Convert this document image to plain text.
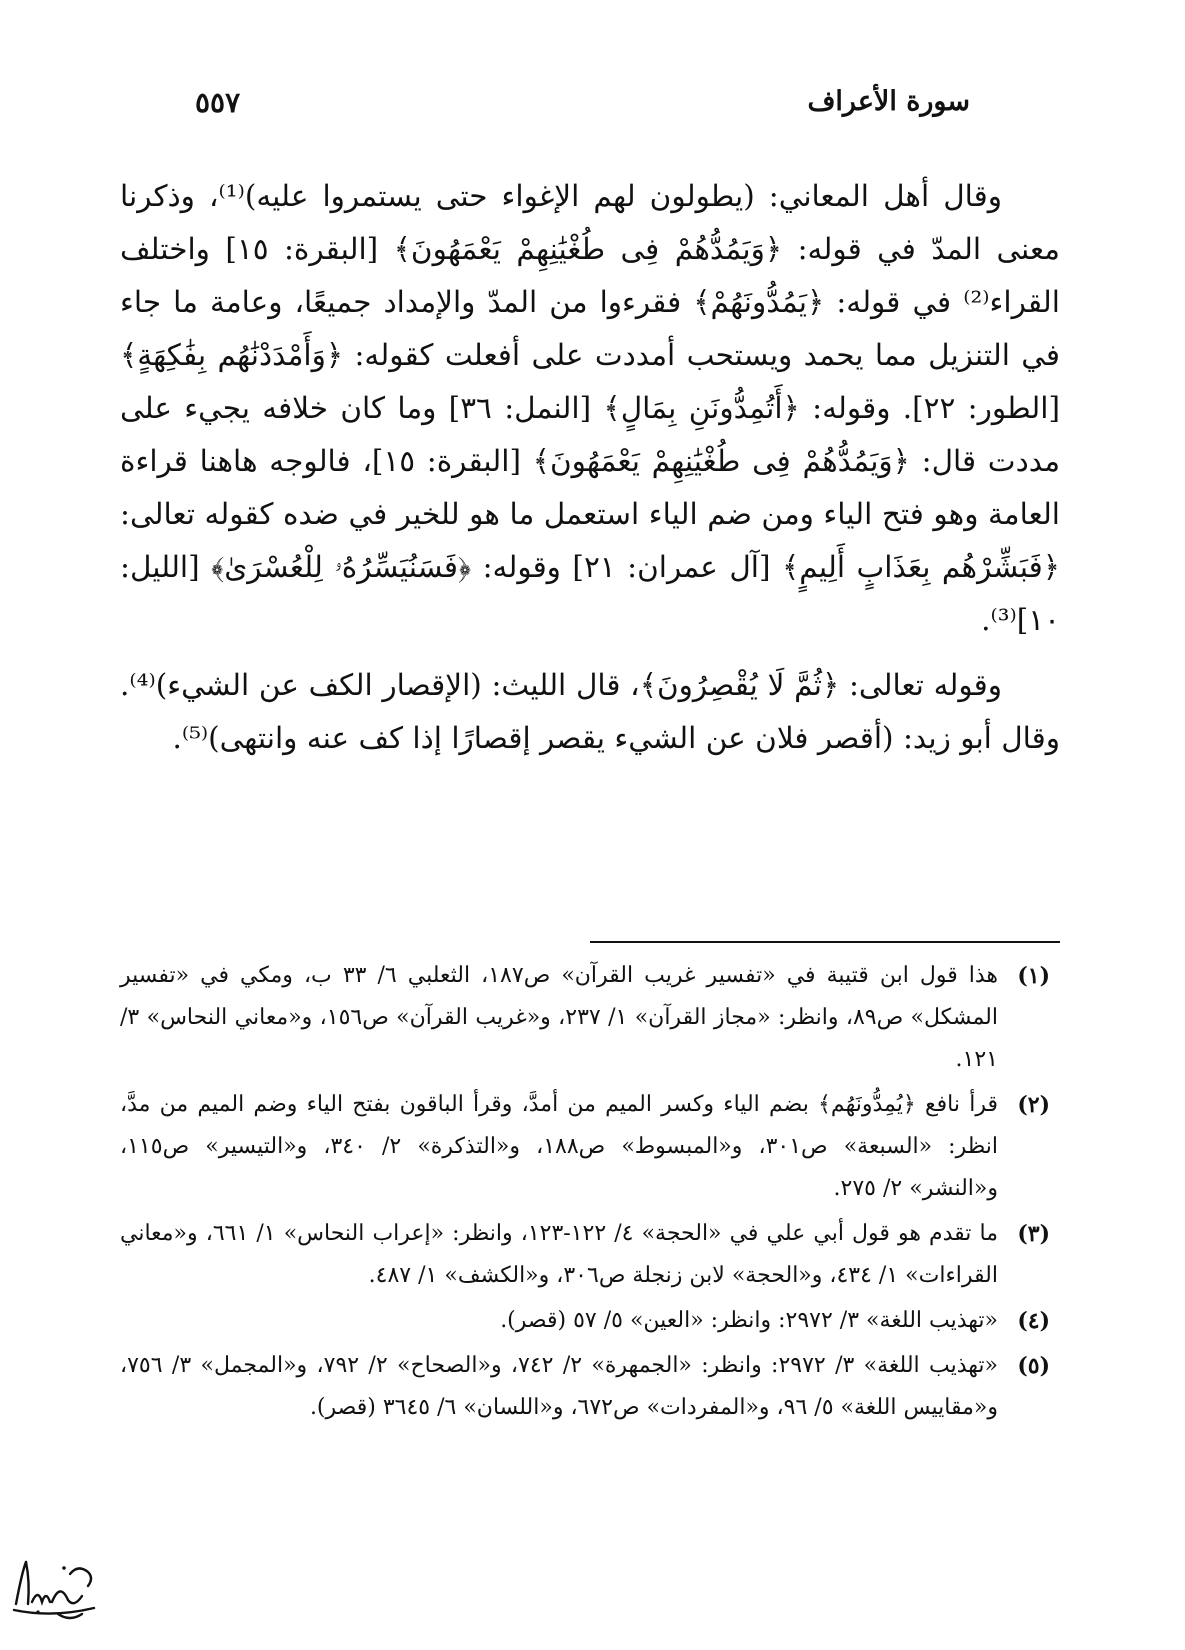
سورة الأعراف
٥٥٧

وقال أهل المعاني: (يطولون لهم الإغواء حتى يستمروا عليه)⁽¹⁾، وذكرنا معنى المدّ في قوله: ﴿وَيَمُدُّهُمْ فِى طُغْيَٰنِهِمْ يَعْمَهُونَ﴾ [البقرة: ١٥] واختلف القراء⁽²⁾ في قوله: ﴿يَمُدُّونَهُمْ﴾ فقرءوا من المدّ والإمداد جميعًا، وعامة ما جاء في التنزيل مما يحمد ويستحب أمددت على أفعلت كقوله: ﴿وَأَمْدَدْنَٰهُم بِفَٰكِهَةٍ﴾ [الطور: ٢٢]. وقوله: ﴿أَتُمِدُّونَنِ بِمَالٍ﴾ [النمل: ٣٦] وما كان خلافه يجيء على مددت قال: ﴿وَيَمُدُّهُمْ فِى طُغْيَٰنِهِمْ يَعْمَهُونَ﴾ [البقرة: ١٥]، فالوجه هاهنا قراءة العامة وهو فتح الياء ومن ضم الياء استعمل ما هو للخير في ضده كقوله تعالى: ﴿فَبَشِّرْهُم بِعَذَابٍ أَلِيمٍ﴾ [آل عمران: ٢١] وقوله: ﴿فَسَنُيَسِّرُهُۥ لِلْعُسْرَىٰ﴾ [الليل: ١٠]⁽³⁾.

وقوله تعالى: ﴿ثُمَّ لَا يُقْصِرُونَ﴾، قال الليث: (الإقصار الكف عن الشيء)⁽⁴⁾. وقال أبو زيد: (أقصر فلان عن الشيء يقصر إقصارًا إذا كف عنه وانتهى)⁽⁵⁾.

(١)
هذا قول ابن قتيبة في «تفسير غريب القرآن» ص١٨٧، الثعلبي ٦/ ٣٣ ب، ومكي في «تفسير المشكل» ص٨٩، وانظر: «مجاز القرآن» ١/ ٢٣٧، و«غريب القرآن» ص١٥٦، و«معاني النحاس» ٣/ ١٢١.
(٢)
قرأ نافع ﴿يُمِدُّونَهُم﴾ بضم الياء وكسر الميم من أمدَّ، وقرأ الباقون بفتح الياء وضم الميم من مدَّ، انظر: «السبعة» ص٣٠١، و«المبسوط» ص١٨٨، و«التذكرة» ٢/ ٣٤٠، و«التيسير» ص١١٥، و«النشر» ٢/ ٢٧٥.
(٣)
ما تقدم هو قول أبي علي في «الحجة» ٤/ ١٢٢-١٢٣، وانظر: «إعراب النحاس» ١/ ٦٦١، و«معاني القراءات» ١/ ٤٣٤، و«الحجة» لابن زنجلة ص٣٠٦، و«الكشف» ١/ ٤٨٧.
(٤)
«تهذيب اللغة» ٣/ ٢٩٧٢: وانظر: «العين» ٥/ ٥٧ (قصر).
(٥)
«تهذيب اللغة» ٣/ ٢٩٧٢: وانظر: «الجمهرة» ٢/ ٧٤٢، و«الصحاح» ٢/ ٧٩٢، و«المجمل» ٣/ ٧٥٦، و«مقاييس اللغة» ٥/ ٩٦، و«المفردات» ص٦٧٢، و«اللسان» ٦/ ٣٦٤٥ (قصر).
